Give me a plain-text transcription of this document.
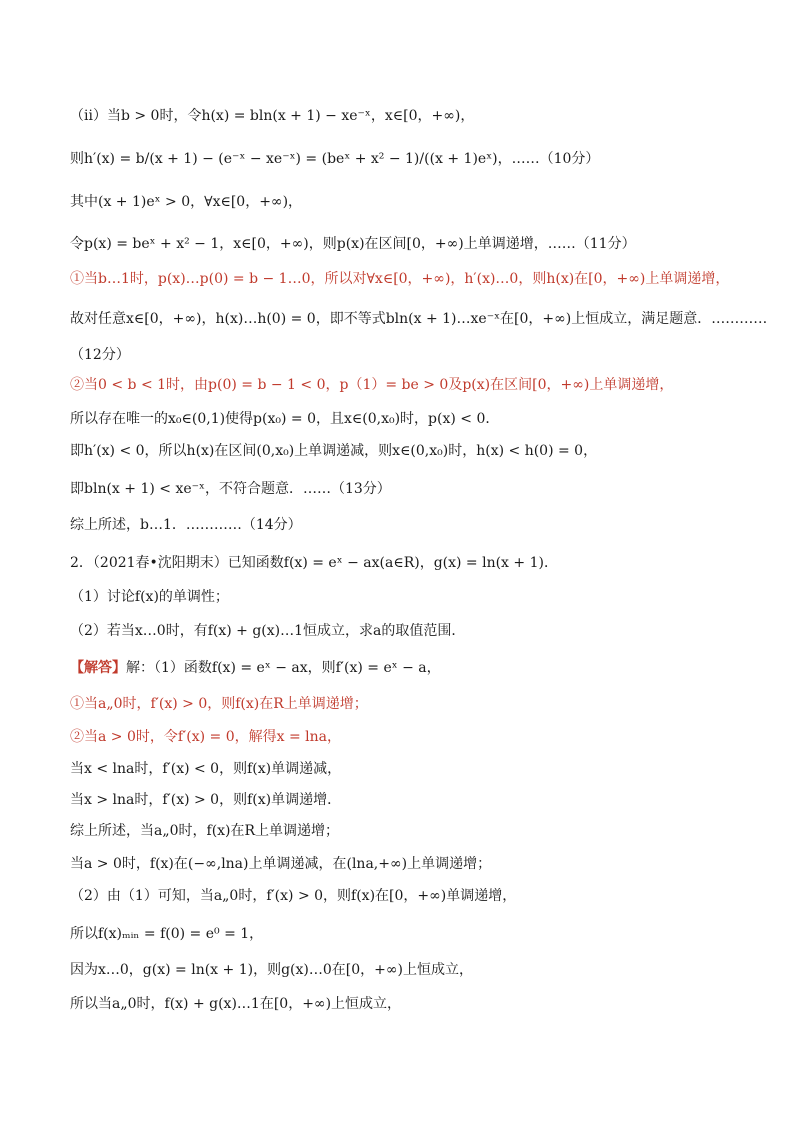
（ⅱ）当b > 0时，令h(x) = bln(x + 1) − xe⁻ˣ，x∈[0，+∞)，
则h′(x) = b/(x + 1) − (e⁻ˣ − xe⁻ˣ) = (beˣ + x² − 1)/((x + 1)eˣ)，……（10分）
其中(x + 1)eˣ > 0，∀x∈[0，+∞)，
令p(x) = beˣ + x² − 1，x∈[0，+∞)，则p(x)在区间[0，+∞)上单调递增，……（11分）
①当b…1时，p(x)…p(0) = b − 1…0，所以对∀x∈[0，+∞)，h′(x)…0，则h(x)在[0，+∞)上单调递增，
故对任意x∈[0，+∞)，h(x)…h(0) = 0，即不等式bln(x + 1)…xe⁻ˣ在[0，+∞)上恒成立，满足题意．…………
（12分）
②当0 < b < 1时，由p(0) = b − 1 < 0，p（1）= be > 0及p(x)在区间[0，+∞)上单调递增，
所以存在唯一的x₀∈(0,1)使得p(x₀) = 0，且x∈(0,x₀)时，p(x) < 0．
即h′(x) < 0，所以h(x)在区间(0,x₀)上单调递减，则x∈(0,x₀)时，h(x) < h(0) = 0，
即bln(x + 1) < xe⁻ˣ，不符合题意．……（13分）
综上所述，b…1．…………（14分）
2．（2021春•沈阳期末）已知函数f(x) = eˣ − ax(a∈R)，g(x) = ln(x + 1)．
（1）讨论f(x)的单调性；
（2）若当x…0时，有f(x) + g(x)…1恒成立，求a的取值范围．
【解答】解：（1）函数f(x) = eˣ − ax，则f′(x) = eˣ − a，
①当a„0时，f′(x) > 0，则f(x)在R上单调递增；
②当a > 0时，令f′(x) = 0，解得x = lna，
当x < lna时，f′(x) < 0，则f(x)单调递减，
当x > lna时，f′(x) > 0，则f(x)单调递增．
综上所述，当a„0时，f(x)在R上单调递增；
当a > 0时，f(x)在(−∞,lna)上单调递减，在(lna,+∞)上单调递增；
（2）由（1）可知，当a„0时，f′(x) > 0，则f(x)在[0，+∞)单调递增，
所以f(x)ₘᵢₙ = f(0) = e⁰ = 1，
因为x…0，g(x) = ln(x + 1)，则g(x)…0在[0，+∞)上恒成立，
所以当a„0时，f(x) + g(x)…1在[0，+∞)上恒成立，
